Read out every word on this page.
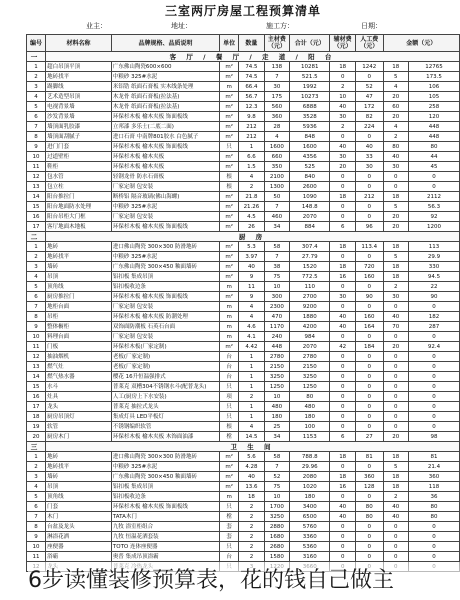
三室两厅房屋工程预算清单
业主：	地址：	施工方：	日期：
编号	材料名称	品牌规格、品质说明	单位	数量	主材费（元）	合计（元）	辅材费（元）	人工费（元）	金额（元）	
一	客 厅 / 餐 厅 / 走 道 / 阳 台									
1	超白吊顶平顶	广东佛山陶瓷600×600	m²	74.5	138	10281	18	1242	18	12765
2	地砖找平	中粮砂 325#水泥	m²	74.5	7	521.5	0	0	5	173.5
3	踢脚线	米铝锆 纸面石膏板 实木线条处理	m	66.4	30	1992	2	52	4	106
4	艺术造型吊顶	木龙骨 纸面石膏板(拉法基)	m²	56.7	175	10273	10	47	20	105
5	电视背景墙	木龙骨 纸面石膏板(拉法基)	m²	12.3	560	6888	40	172	60	258
6	沙发背景墙	环保杉木板 榆木夹板 饰面板线	m²	9.8	360	3528	30	82	20	120
7	墙顶面乳胶漆	立邦漆 多乐士(二底二面)	m²	212	28	5936	2	224	4	448
8	墙顶面刮腻子	进口石膏 中南牌801胶水 白色腻子	m²	212	4	848	0	0	2	448
9	进门门套	环保杉木板 榆木夹板 饰面板线	只	1	1600	1600	40	40	80	80
10	过道壁柜	环保杉木板 榆木夹板	m²	6.6	660	4356	30	33	40	44
11	鞋柜	环保杉木板 榆木夹板	m²	1.5	350	525	20	30	30	45
12	包水管	轻钢龙骨 防水石膏板	根	4	2100	840	0	0	0	0
13	包立柱	厂家定制 包安装	根	2	1300	2600	0	0	0	0
14	阳台推拉门	断桥铝 隔音玻璃(佛山海螺)	m²	21.8	50	1090	18	212	18	2112
15	阳台地面防水处理	中粮砂 325#水泥	m²	21.26	7	148.8	0	0	5	56.3
16	阳台吊柜大门框	厂家定制 包安装	m²	4.5	460	2070	0	0	20	92
17	客厅地面木地板	环保杉木板 榆木夹板 饰面板线	m²	26	34	884	6	96	20	1200
二	厨 房									
1	地砖	进口佛山陶瓷 300×300 防滑地砖	m²	5.3	58	307.4	18	113.4	18	113
2	地砖找平	中粮砂 325#水泥	m²	3.97	7	27.79	0	0	5	29.9
3	墙砖	广东佛山陶瓷 300×450 釉面墙砖	m²	40	38	1520	18	720	18	330
4	吊顶	铝扣板 集成吊顶	m²	9	75	772.5	16	160	18	94.5
5	顶角线	铝扣板收边条	m	11	10	110	0	0	2	22
6	厨房推拉门	环保杉木板 榆木夹板 饰面板线	m²	9	300	2700	30	90	30	90
7	地柜台面	厂家定制 包安装	m	4	2300	9200	0	0	0	0
8	吊柜	环保杉木板 榆木夹板 防潮处理	m	4	470	1880	40	160	40	182
9	整体橱柜	双饰面防潮板 石英石台面	m	4.6	1170	4200	40	164	70	287
10	料理台面	厂家定制 包安装	m	4.1	240	984	0	0	0	0
11	门板	环保杉木板(厂家定制)	m²	4.42	448	2070	42	184	20	92.4
12	抽油烟机	老板(厂家定制)	台	1	2780	2780	0	0	0	0
13	燃气灶	老板(厂家定制)	台	1	2150	2150	0	0	0	0
14	燃气热水器	樱花 16升恒温强排式	台	1	3250	3250	0	0	0	0
15	水斗	普莱克 双槽304不锈钢水斗(配普龙头)	只	1	1250	1250	0	0	0	0
16	灶具	人工(厨房上下水安装)	项	2	10	80	0	0	0	0
17	龙头	普莱克 抽拉式龙头	只	1	480	480	0	0	0	0
18	厨房吊顶灯	集成灯具 LED平板灯	只	1	180	180	0	0	0	0
19	软管	不锈钢编织软管	根	4	25	100	0	0	0	0
20	厨房木门	环保杉木板 榆木夹板 木饰面油漆	樘	14.5	34	1153	6	27	20	98
三	卫 生 间									
1	地砖	进口佛山陶瓷 300×300 防滑地砖	m²	5.6	58	788.8	18	81	18	81
2	地砖找平	中粮砂 325#水泥	m²	4.28	7	29.96	0	0	5	21.4
3	墙砖	广东佛山陶瓷 300×450 釉面墙砖	m²	40	52	2080	18	360	18	360
4	吊顶	铝扣板 集成吊顶	m²	13.6	75	1020	16	128	18	118
5	顶角线	铝扣板收边条	m	18	10	180	0	0	2	36
6	门套	环保杉木板 榆木夹板 饰面板线	只	2	1700	3400	40	80	40	80
7	木门	TATA木门	樘	2	3250	6500	40	80	40	80
8	台盆及龙头	九牧 浴室柜组合	套	2	2880	5760	0	0	0	0
9	淋浴花洒	九牧 恒温花洒套装	套	2	1680	3360	0	0	0	0
10	座便器	TOTO 连体座便器	只	2	2680	5360	0	0	0	0
11	浴霸	奥普 集成吊顶浴霸	台	2	1580	3160	0	0	0	0

6步读懂装修预算表，花的钱自己做主
